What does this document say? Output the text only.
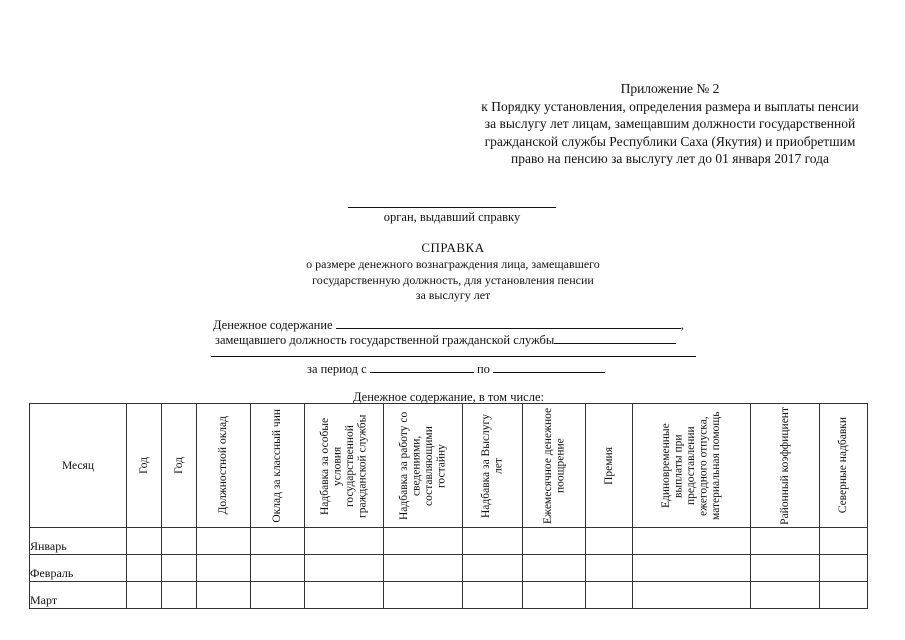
Приложение № 2
к Порядку установления, определения размера и выплаты пенсии
за выслугу лет лицам, замещавшим должности государственной
гражданской службы Республики Саха (Якутия) и приобретшим
право на пенсию за выслугу лет до 01 января 2017 года
орган, выдавший справку
СПРАВКА
о размере денежного вознаграждения лица, замещавшего
государственную должность, для установления пенсии
за выслугу лет
Денежное содержание	,
замещавшего должность государственной гражданской службы
за период с	по
Денежное содержание, в том числе:
Месяц	Год	Год	Должностной оклад	Оклад за классный чин	Надбавка за особые условия государственной гражданской службы	Надбавка за работу со сведениями, составляющими гостайну	Надбавка за Выслугу лет	Ежемесячное денежное поощрение	Премия	Единовременные выплаты при предоставлении ежегодного отпуска, материальная помощь	Районный коэффициент	Северные надбавки

Январь												
Февраль												
Март												
